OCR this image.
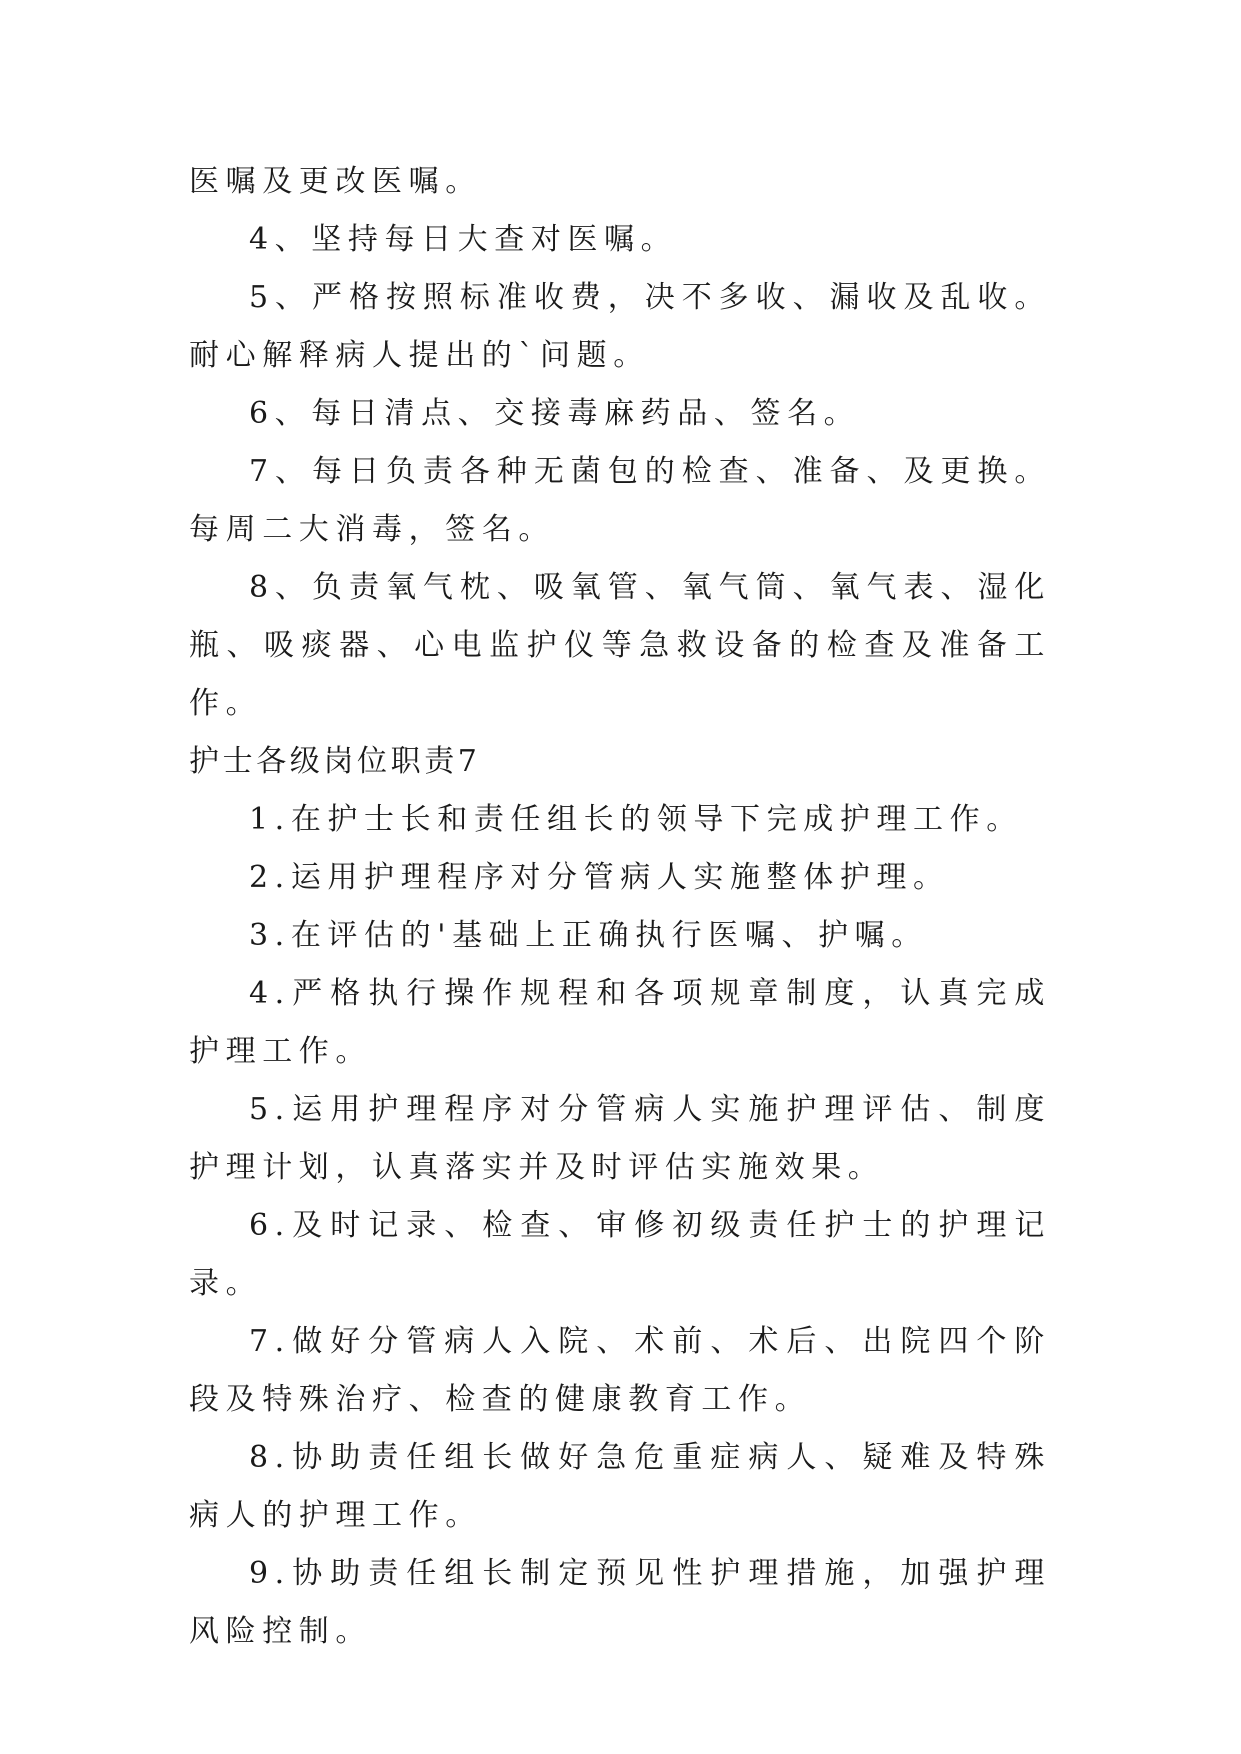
医嘱及更改医嘱。

4、坚持每日大查对医嘱。

5、严格按照标准收费，决不多收、漏收及乱收。耐心解释病人提出的`问题。

6、每日清点、交接毒麻药品、签名。

7、每日负责各种无菌包的检查、准备、及更换。每周二大消毒，签名。

8、负责氧气枕、吸氧管、氧气筒、氧气表、湿化瓶、吸痰器、心电监护仪等急救设备的检查及准备工作。

护士各级岗位职责7

1.在护士长和责任组长的领导下完成护理工作。

2.运用护理程序对分管病人实施整体护理。

3.在评估的'基础上正确执行医嘱、护嘱。

4.严格执行操作规程和各项规章制度，认真完成护理工作。

5.运用护理程序对分管病人实施护理评估、制度护理计划，认真落实并及时评估实施效果。

6.及时记录、检查、审修初级责任护士的护理记录。

7.做好分管病人入院、术前、术后、出院四个阶段及特殊治疗、检查的健康教育工作。

8.协助责任组长做好急危重症病人、疑难及特殊病人的护理工作。

9.协助责任组长制定预见性护理措施，加强护理风险控制。
